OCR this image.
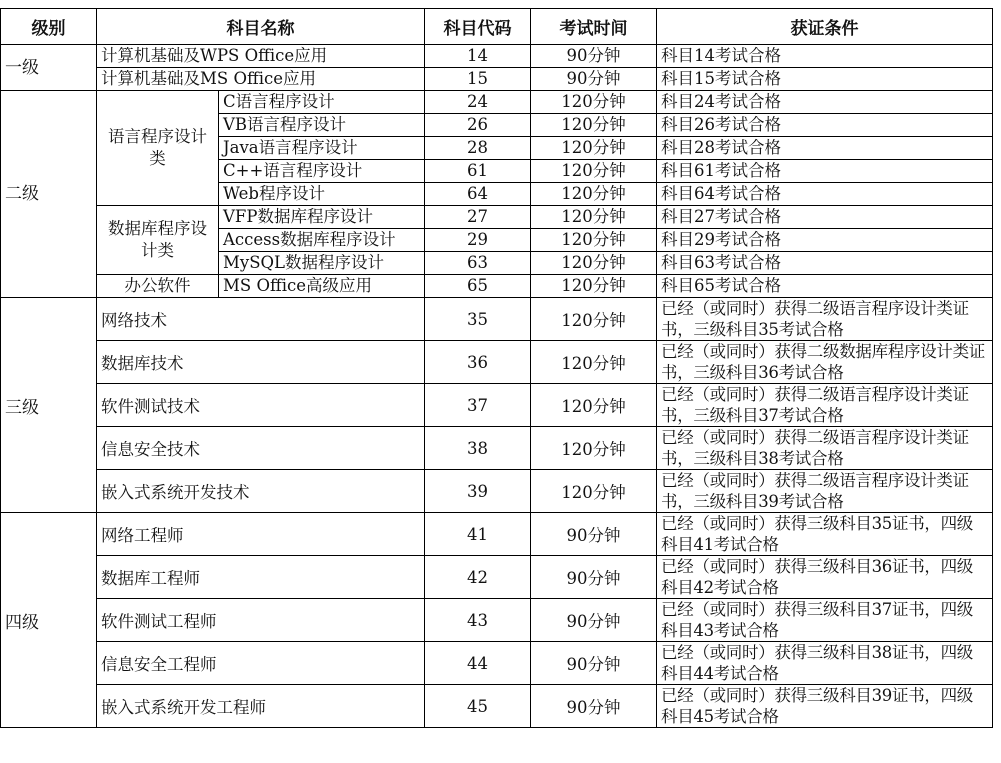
级别	科目名称		科目代码	考试时间	获证条件
一级	计算机基础及WPS Office应用		14	90分钟	科目14考试合格
	计算机基础及MS Office应用		15	90分钟	科目15考试合格
二级	语言程序设计类	C语言程序设计	24	120分钟	科目24考试合格
		VB语言程序设计	26	120分钟	科目26考试合格
		Java语言程序设计	28	120分钟	科目28考试合格
		C++语言程序设计	61	120分钟	科目61考试合格
		Web程序设计	64	120分钟	科目64考试合格
	数据库程序设计类	VFP数据库程序设计	27	120分钟	科目27考试合格
		Access数据库程序设计	29	120分钟	科目29考试合格
		MySQL数据程序设计	63	120分钟	科目63考试合格
	办公软件	MS Office高级应用	65	120分钟	科目65考试合格
三级	网络技术		35	120分钟	已经（或同时）获得二级语言程序设计类证书，三级科目35考试合格
	数据库技术		36	120分钟	已经（或同时）获得二级数据库程序设计类证书，三级科目36考试合格
	软件测试技术		37	120分钟	已经（或同时）获得二级语言程序设计类证书，三级科目37考试合格
	信息安全技术		38	120分钟	已经（或同时）获得二级语言程序设计类证书，三级科目38考试合格
	嵌入式系统开发技术		39	120分钟	已经（或同时）获得二级语言程序设计类证书，三级科目39考试合格
四级	网络工程师		41	90分钟	已经（或同时）获得三级科目35证书，四级科目41考试合格
	数据库工程师		42	90分钟	已经（或同时）获得三级科目36证书，四级科目42考试合格
	软件测试工程师		43	90分钟	已经（或同时）获得三级科目37证书，四级科目43考试合格
	信息安全工程师		44	90分钟	已经（或同时）获得三级科目38证书，四级科目44考试合格
	嵌入式系统开发工程师		45	90分钟	已经（或同时）获得三级科目39证书，四级科目45考试合格
